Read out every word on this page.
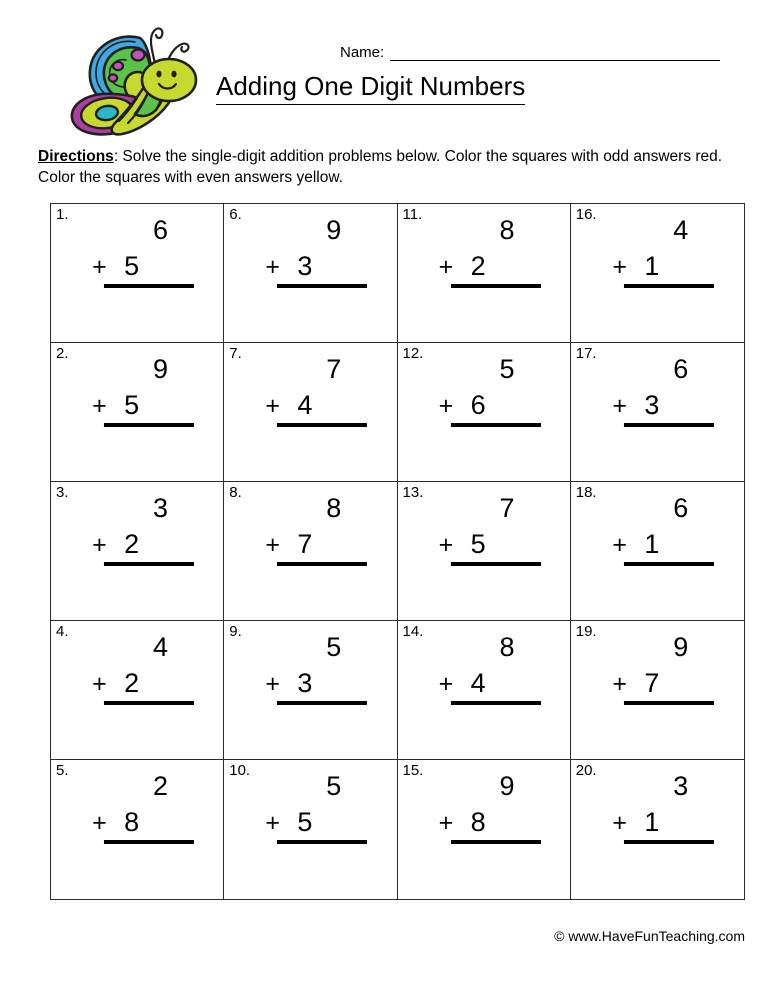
Name:
Adding One Digit Numbers
Directions: Solve the single-digit addition problems below. Color the squares with odd answers red. Color the squares with even answers yellow.
1.
6
+ 5
6.
9
+ 3
11.
8
+ 2
16.
4
+ 1
2.
9
+ 5
7.
7
+ 4
12.
5
+ 6
17.
6
+ 3
3.
3
+ 2
8.
8
+ 7
13.
7
+ 5
18.
6
+ 1
4.
4
+ 2
9.
5
+ 3
14.
8
+ 4
19.
9
+ 7
5.
2
+ 8
10.
5
+ 5
15.
9
+ 8
20.
3
+ 1
© www.HaveFunTeaching.com
